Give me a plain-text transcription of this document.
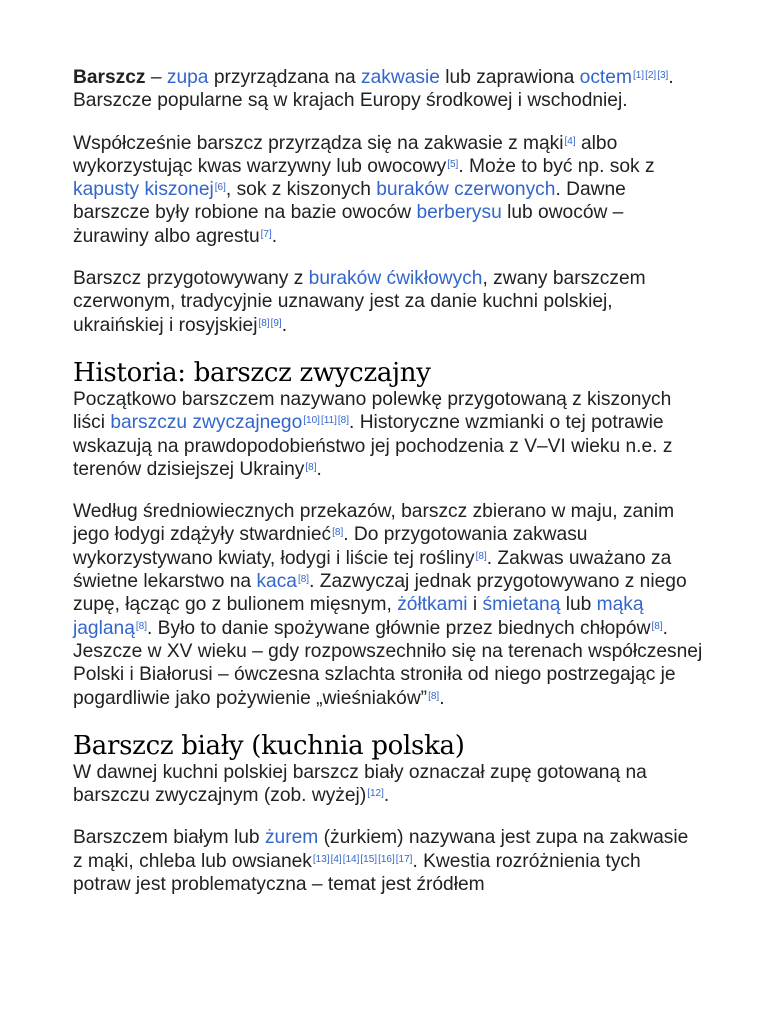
Barszcz – zupa przyrządzana na zakwasie lub zaprawiona octem[1][2][3]. Barszcze popularne są w krajach Europy środkowej i wschodniej.

Współcześnie barszcz przyrządza się na zakwasie z mąki[4] albo wykorzystując kwas warzywny lub owocowy[5]. Może to być np. sok z kapusty kiszonej[6], sok z kiszonych buraków czerwonych. Dawne barszcze były robione na bazie owoców berberysu lub owoców – żurawiny albo agrestu[7].

Barszcz przygotowywany z buraków ćwikłowych, zwany barszczem czerwonym, tradycyjnie uznawany jest za danie kuchni polskiej, ukraińskiej i rosyjskiej[8][9].

Historia: barszcz zwyczajny

Początkowo barszczem nazywano polewkę przygotowaną z kiszonych liści barszczu zwyczajnego[10][11][8]. Historyczne wzmianki o tej potrawie wskazują na prawdopodobieństwo jej pochodzenia z V–VI wieku n.e. z terenów dzisiejszej Ukrainy[8].

Według średniowiecznych przekazów, barszcz zbierano w maju, zanim jego łodygi zdążyły stwardnieć[8]. Do przygotowania zakwasu wykorzystywano kwiaty, łodygi i liście tej rośliny[8]. Zakwas uważano za świetne lekarstwo na kaca[8]. Zazwyczaj jednak przygotowywano z niego zupę, łącząc go z bulionem mięsnym, żółtkami i śmietaną lub mąką jaglaną[8]. Było to danie spożywane głównie przez biednych chłopów[8]. Jeszcze w XV wieku – gdy rozpowszechniło się na terenach współczesnej Polski i Białorusi – ówczesna szlachta stroniła od niego postrzegając je pogardliwie jako pożywienie „wieśniaków”[8].

Barszcz biały (kuchnia polska)

W dawnej kuchni polskiej barszcz biały oznaczał zupę gotowaną na barszczu zwyczajnym (zob. wyżej)[12].

Barszczem białym lub żurem (żurkiem) nazywana jest zupa na zakwasie z mąki, chleba lub owsianek[13][4][14][15][16][17]. Kwestia rozróżnienia tych potraw jest problematyczna – temat jest źródłem
